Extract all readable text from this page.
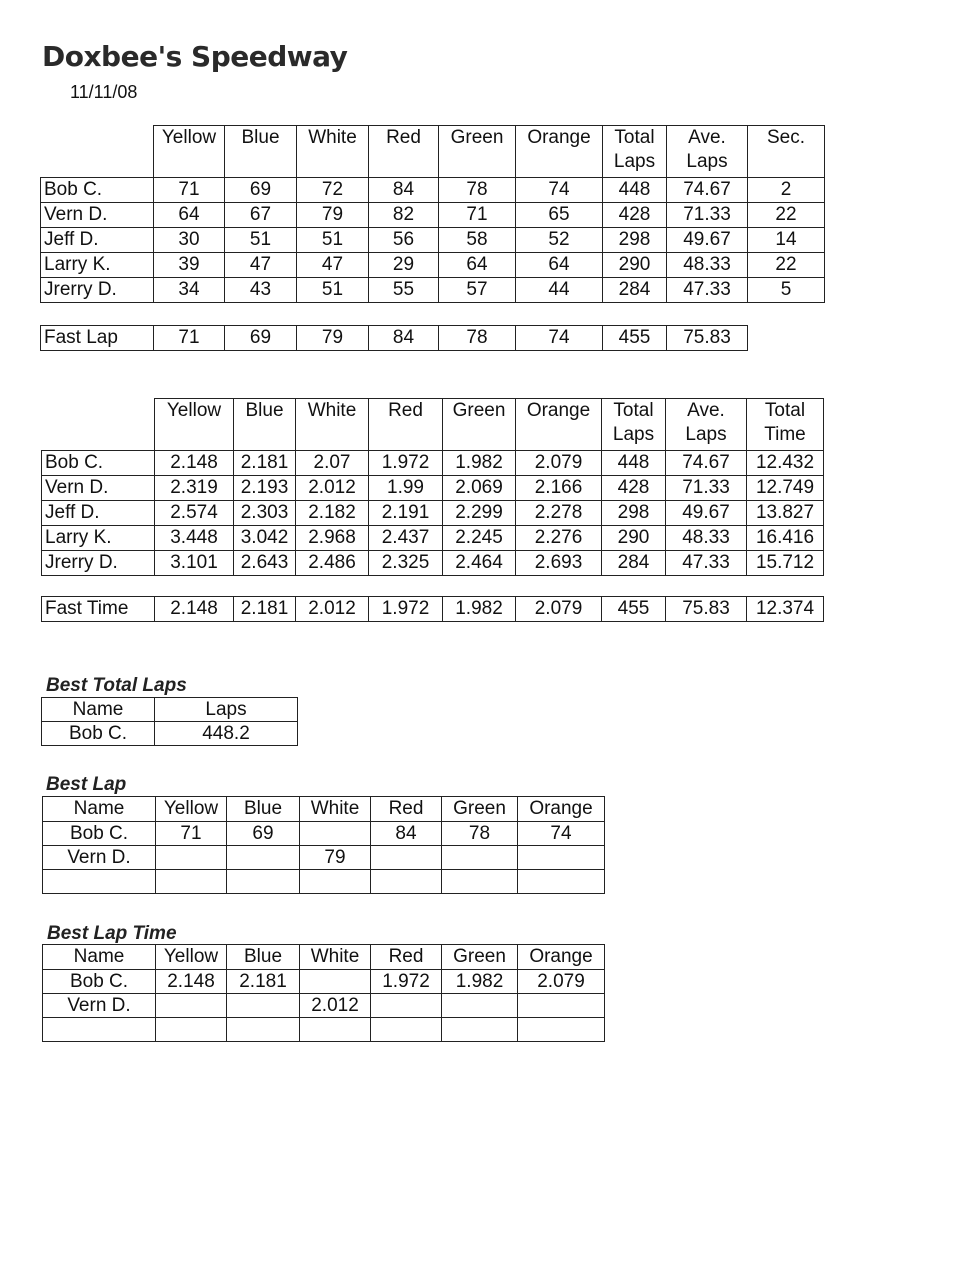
Doxbee's Speedway
11/11/08
	Yellow	Blue	White	Red	Green	Orange	Total Laps	Ave. Laps	Sec.
Bob C.	71	69	72	84	78	74	448	74.67	2
Vern D.	64	67	79	82	71	65	428	71.33	22
Jeff D.	30	51	51	56	58	52	298	49.67	14
Larry K.	39	47	47	29	64	64	290	48.33	22
Jrerry D.	34	43	51	55	57	44	284	47.33	5
Fast Lap	71	69	79	84	78	74	455	75.83
	Yellow	Blue	White	Red	Green	Orange	Total Laps	Ave. Laps	Total Time
Bob C.	2.148	2.181	2.07	1.972	1.982	2.079	448	74.67	12.432
Vern D.	2.319	2.193	2.012	1.99	2.069	2.166	428	71.33	12.749
Jeff D.	2.574	2.303	2.182	2.191	2.299	2.278	298	49.67	13.827
Larry K.	3.448	3.042	2.968	2.437	2.245	2.276	290	48.33	16.416
Jrerry D.	3.101	2.643	2.486	2.325	2.464	2.693	284	47.33	15.712
Fast Time	2.148	2.181	2.012	1.972	1.982	2.079	455	75.83	12.374
Best Total Laps
Name	Laps
Bob C.	448.2
Best Lap
Name	Yellow	Blue	White	Red	Green	Orange
Bob C.	71	69		84	78	74
Vern D.			79			

Best Lap Time
Name	Yellow	Blue	White	Red	Green	Orange
Bob C.	2.148	2.181		1.972	1.982	2.079
Vern D.			2.012			
